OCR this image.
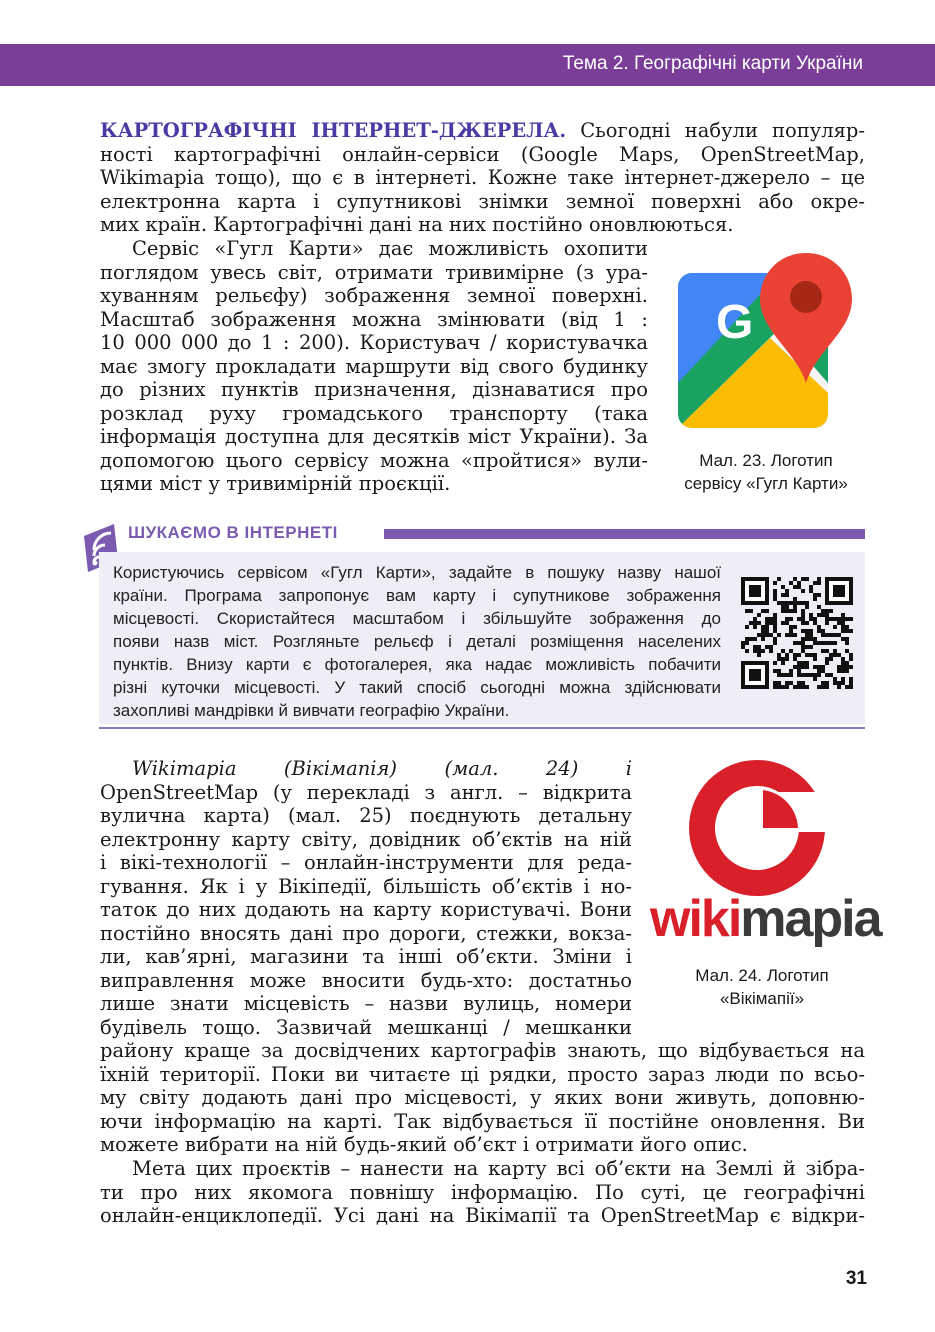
Тема 2. Географічні карти України
КАРТОГРАФІЧНІ ІНТЕРНЕТ-ДЖЕРЕЛА. Сьогодні набули популяр-
ності картографічні онлайн-сервіси (Google Maps, OpenStreetMap,
Wikimapia тощо), що є в інтернеті. Кожне таке інтернет-джерело – це
електронна карта і супутникові знімки земної поверхні або окре-
мих країн. Картографічні дані на них постійно оновлюються.
Сервіс «Гугл Карти» дає можливість охопити
поглядом увесь світ, отримати тривимірне (з ура-
хуванням рельєфу) зображення земної поверхні.
Масштаб зображення можна змінювати (від 1 :
10 000 000 до 1 : 200). Користувач / користувачка
має змогу прокладати маршрути від свого будинку
до різних пунктів призначення, дізнаватися про
розклад руху громадського транспорту (така
інформація доступна для десятків міст України). За
допомогою цього сервісу можна «пройтися» вули-
цями міст у тривимірній проєкції.
G
Мал. 23. Логотип
сервісу «Гугл Карти»
ШУКАЄМО В ІНТЕРНЕТІ
Користуючись сервісом «Гугл Карти», задайте в пошуку назву нашої
країни. Програма запропонує вам карту і супутникове зображення
місцевості. Скористайтеся масштабом і збільшуйте зображення до
появи назв міст. Розгляньте рельєф і деталі розміщення населених
пунктів. Внизу карти є фотогалерея, яка надає можливість побачити
різні куточки місцевості. У такий спосіб сьогодні можна здійснювати
захопливі мандрівки й вивчати географію України.
Wikimapia (Вікімапія) (мал. 24) і
OpenStreetMap (у перекладі з англ. – відкрита
вулична карта) (мал. 25) поєднують детальну
електронну карту світу, довідник об’єктів на ній
і вікі-технології – онлайн-інструменти для реда-
гування. Як і у Вікіпедії, більшість об’єктів і но-
таток до них додають на карту користувачі. Вони
постійно вносять дані про дороги, стежки, вокза-
ли, кав’ярні, магазини та інші об’єкти. Зміни і
виправлення може вносити будь-хто: достатньо
лише знати місцевість – назви вулиць, номери
будівель тощо. Зазвичай мешканці / мешканки
району краще за досвідчених картографів знають, що відбувається на
їхній території. Поки ви читаєте ці рядки, просто зараз люди по всьо-
му світу додають дані про місцевості, у яких вони живуть, доповню-
ючи інформацію на карті. Так відбувається її постійне оновлення. Ви
можете вибрати на ній будь-який об’єкт і отримати його опис.
wikimapia
Мал. 24. Логотип
«Вікімапії»
Мета цих проєктів – нанести на карту всі об’єкти на Землі й зібра-
ти про них якомога повнішу інформацію. По суті, це географічні
онлайн-енциклопедії. Усі дані на Вікімапії та OpenStreetMap є відкри-
31
